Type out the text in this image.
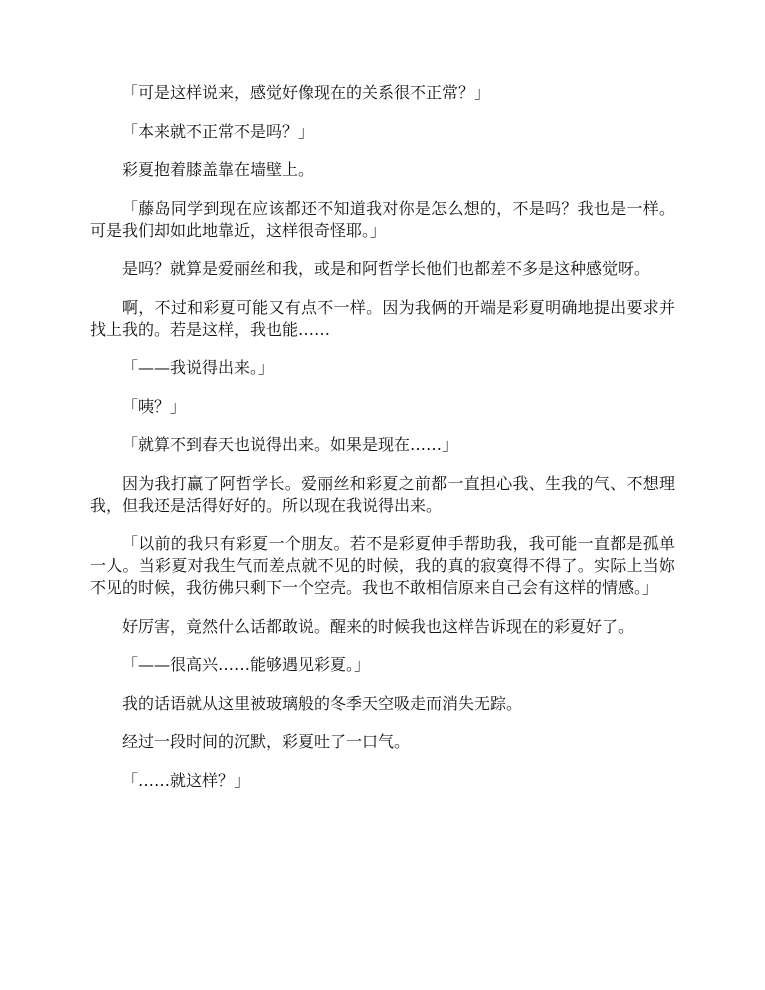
「可是这样说来，感觉好像现在的关系很不正常？」

「本来就不正常不是吗？」

彩夏抱着膝盖靠在墙壁上。

「藤岛同学到现在应该都还不知道我对你是怎么想的，不是吗？我也是一样。可是我们却如此地靠近，这样很奇怪耶。」

是吗？就算是爱丽丝和我，或是和阿哲学长他们也都差不多是这种感觉呀。

啊，不过和彩夏可能又有点不一样。因为我俩的开端是彩夏明确地提出要求并找上我的。若是这样，我也能……

「——我说得出来。」

「咦？」

「就算不到春天也说得出来。如果是现在……」

因为我打赢了阿哲学长。爱丽丝和彩夏之前都一直担心我、生我的气、不想理我，但我还是活得好好的。所以现在我说得出来。

「以前的我只有彩夏一个朋友。若不是彩夏伸手帮助我，我可能一直都是孤单一人。当彩夏对我生气而差点就不见的时候，我的真的寂寞得不得了。实际上当妳不见的时候，我彷佛只剩下一个空壳。我也不敢相信原来自己会有这样的情感。」

好厉害，竟然什么话都敢说。醒来的时候我也这样告诉现在的彩夏好了。

「——很高兴……能够遇见彩夏。」

我的话语就从这里被玻璃般的冬季天空吸走而消失无踪。

经过一段时间的沉默，彩夏吐了一口气。

「……就这样？」
